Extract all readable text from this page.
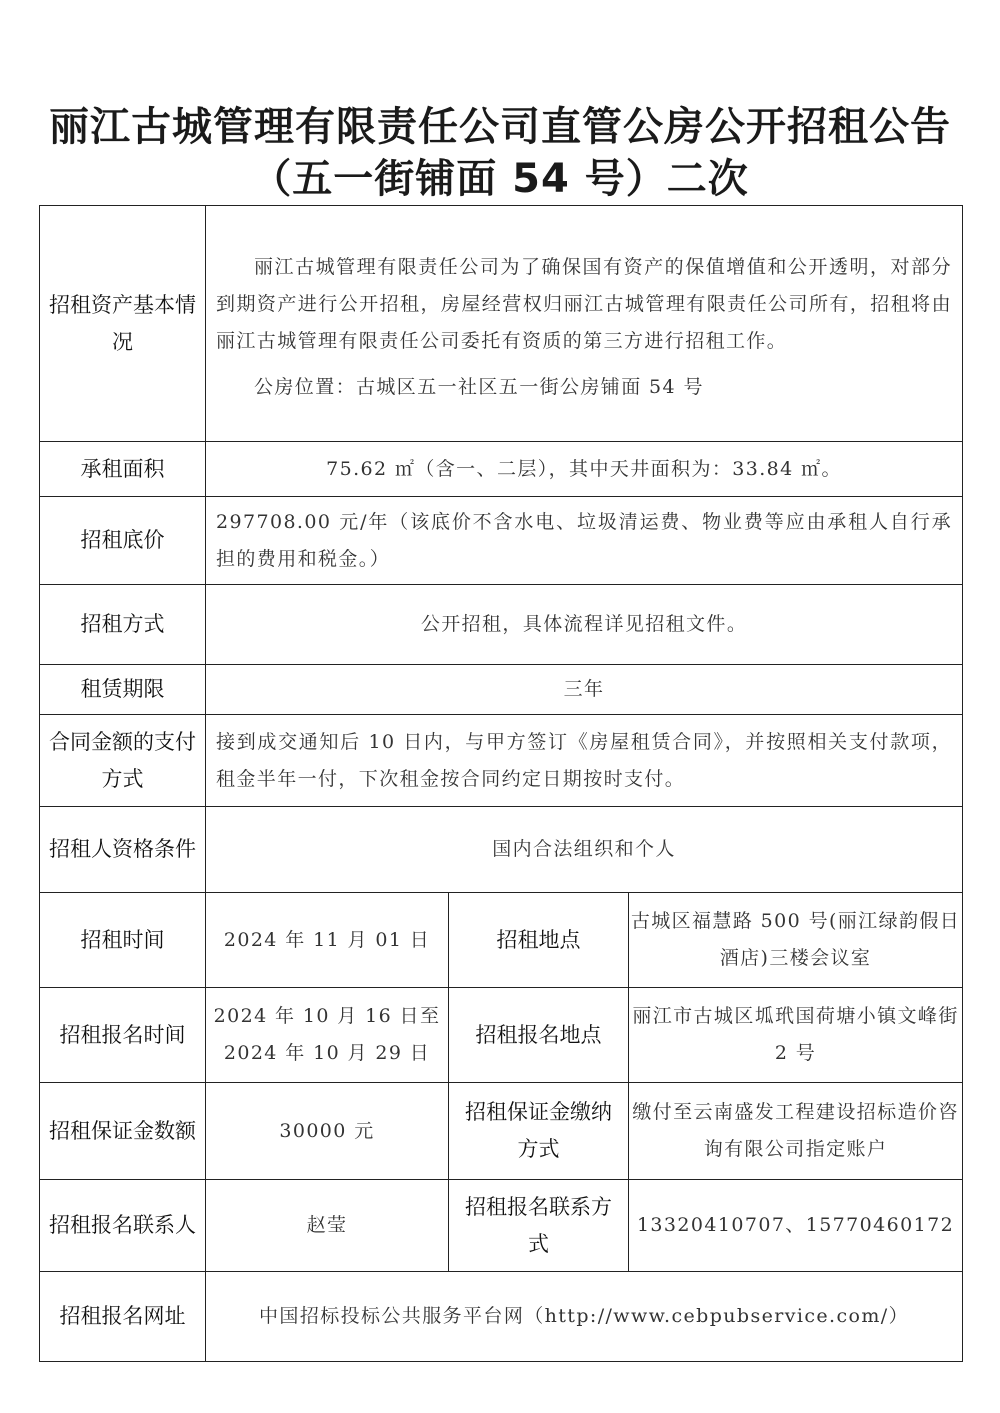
丽江古城管理有限责任公司直管公房公开招租公告
（五一街铺面 54 号）二次
招租资产基本情况	丽江古城管理有限责任公司为了确保国有资产的保值增值和公开透明，对部分到期资产进行公开招租，房屋经营权归丽江古城管理有限责任公司所有，招租将由丽江古城管理有限责任公司委托有资质的第三方进行招租工作。

公房位置：古城区五一社区五一街公房铺面 54 号		

承租面积	75.62 ㎡（含一、二层），其中天井面积为：33.84 ㎡。		
招租底价	297708.00 元/年（该底价不含水电、垃圾清运费、物业费等应由承租人自行承担的费用和税金。）		
招租方式	公开招租，具体流程详见招租文件。		
租赁期限	三年		
合同金额的支付方式	接到成交通知后 10 日内，与甲方签订《房屋租赁合同》，并按照相关支付款项，租金半年一付，下次租金按合同约定日期按时支付。		
招租人资格条件	国内合法组织和个人		
招租时间	2024 年 11 月 01 日	招租地点	古城区福慧路 500 号(丽江绿韵假日酒店)三楼会议室
招租报名时间	2024 年 10 月 16 日至2024 年 10 月 29 日	招租报名地点	丽江市古城区坬玳国荷塘小镇文峰街 2 号
招租保证金数额	30000 元	招租保证金缴纳方式	缴付至云南盛发工程建设招标造价咨询有限公司指定账户
招租报名联系人	赵莹	招租报名联系方式	13320410707、15770460172
招租报名网址	中国招标投标公共服务平台网（http://www.cebpubservice.com/）		
